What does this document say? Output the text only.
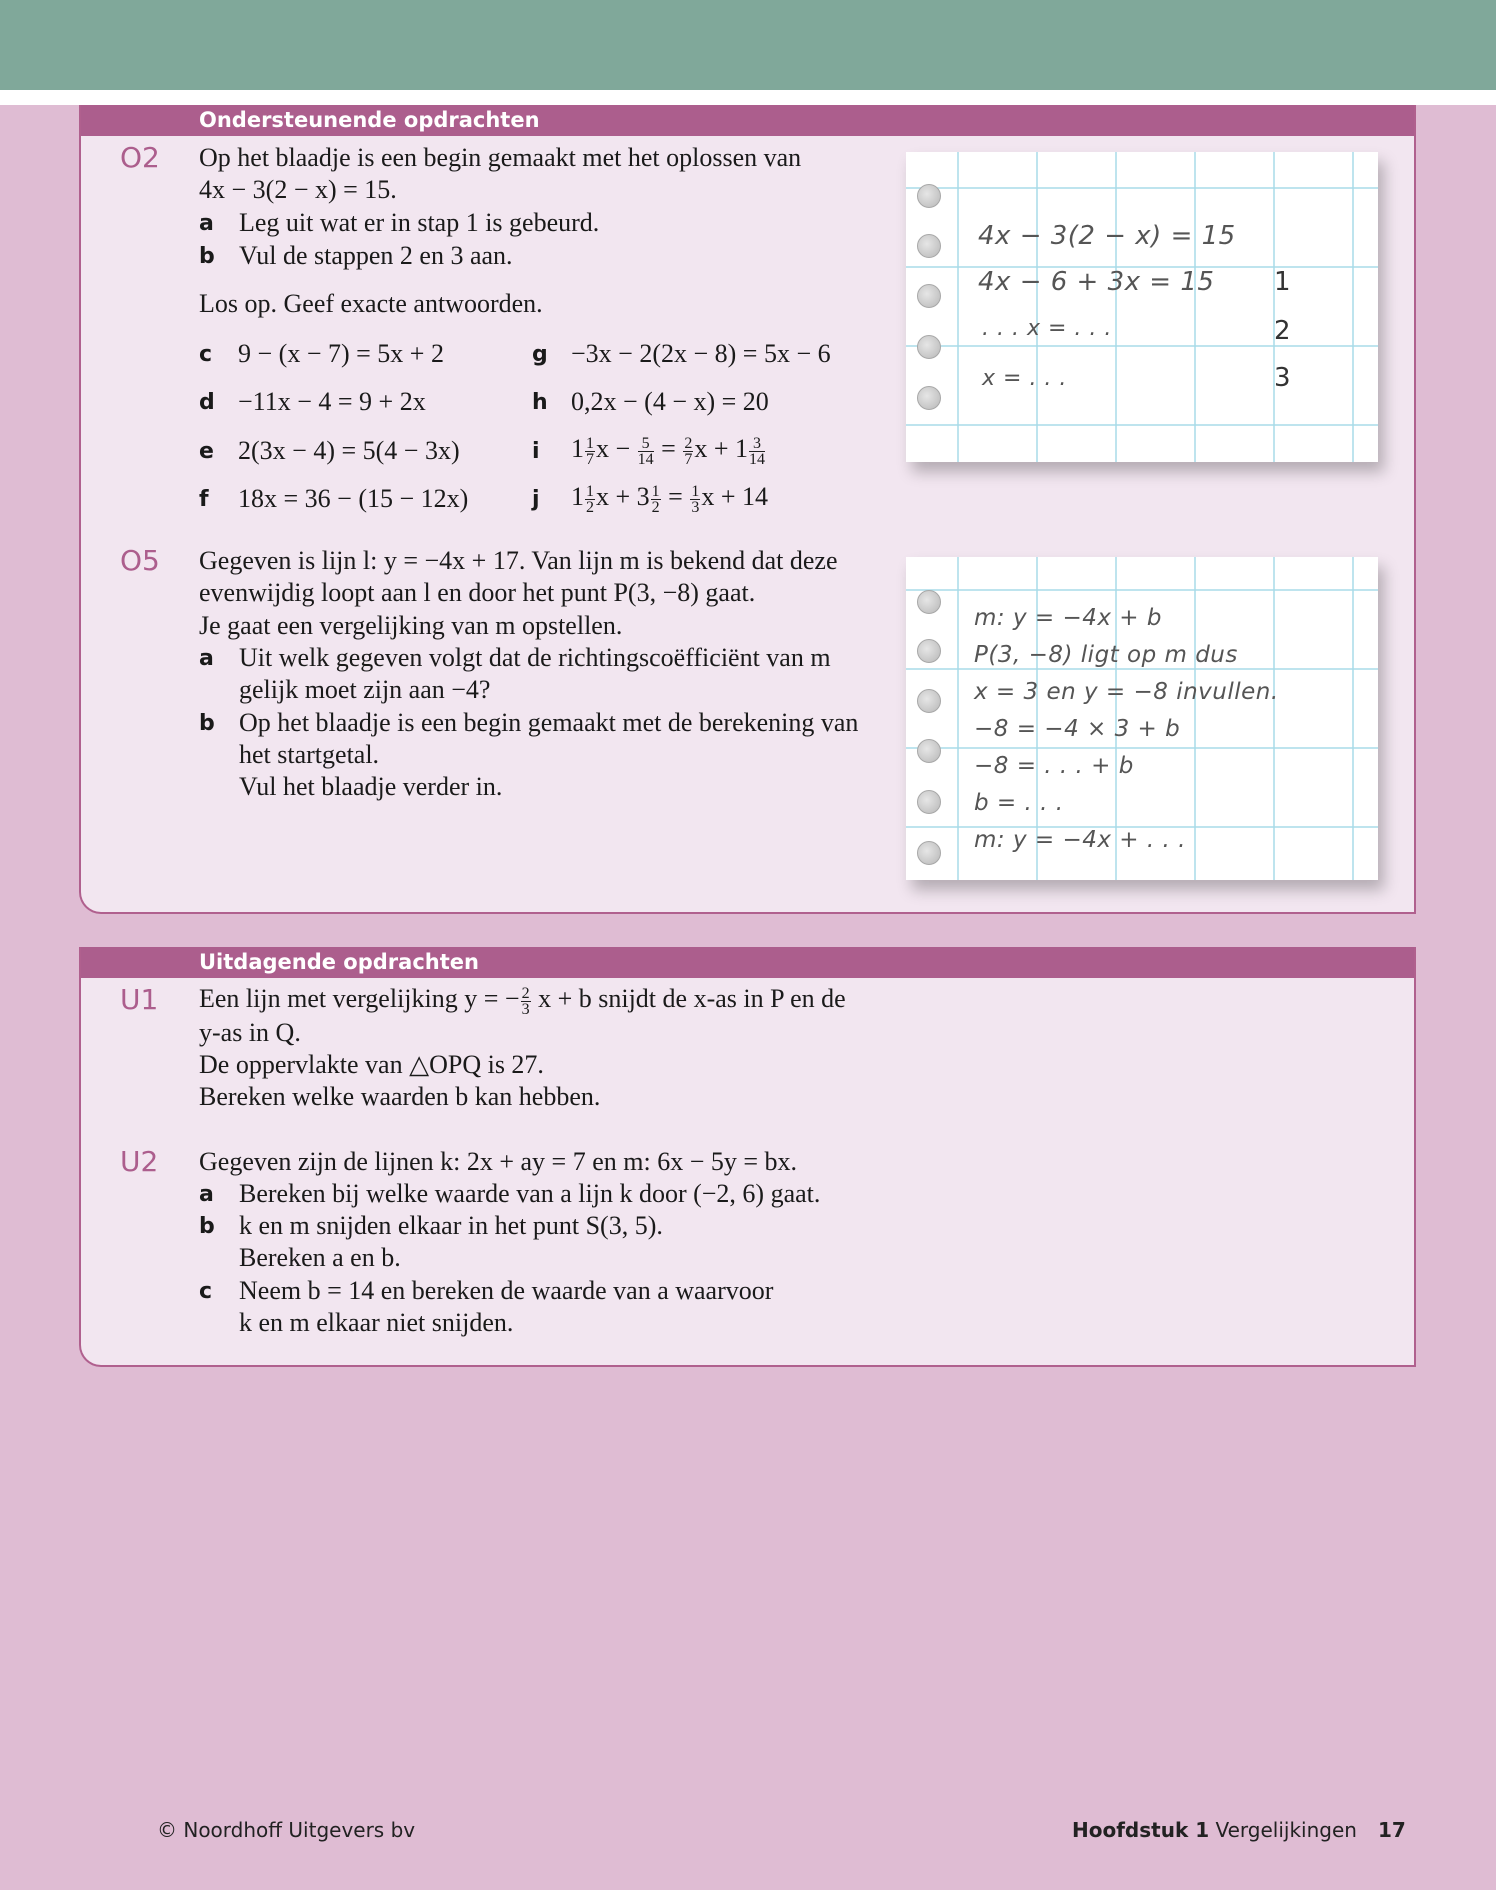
Ondersteunende opdrachten
O2 Op het blaadje is een begin gemaakt met het oplossen van
4x − 3(2 − x) = 15.
a Leg uit wat er in stap 1 is gebeurd.
b Vul de stappen 2 en 3 aan.
Los op. Geef exacte antwoorden.
c 9 − (x − 7) = 5x + 2
d −11x − 4 = 9 + 2x
e 2(3x − 4) = 5(4 − 3x)
f 18x = 36 − (15 − 12x)
g −3x − 2(2x − 8) = 5x − 6
h 0,2x − (4 − x) = 20
i $1 \frac{1}{7}$ $x - \frac{5}{14} = \frac{2}{7}$ $x + 1 \frac{3}{14}$
j $1 \frac{1}{2}$ $x + 3 \frac{1}{2} = \frac{1}{3}$ x + 14
O5 Gegeven is lijn l: y = −4x + 17. Van lijn m is bekend dat deze
evenwijdig loopt aan l en door het punt P(3, −8) gaat.
Je gaat een vergelijking van m opstellen.
a Uit welk gegeven volgt dat de richtingscoëfficiënt van m
gelijk moet zijn aan −4?
b Op het blaadje is een begin gemaakt met de berekening van
het startgetal.
Vul het blaadje verder in.
4x − 3(2 − x) = 15
4x − 6 + 3x = 15
. . . x = . . .
x = . . .
1
2
3
m: y = −4x + b
P(3, −8) ligt op m dus
x = 3 en y = −8 invullen.
−8 = −4 × 3 + b
−8 = . . . + b
b = . . .
m: y = −4x + . . .
Uitdagende opdrachten
U1 Een lijn met vergelijking y = − $\frac{2}{3}$ x + b snijdt de x-as in P en de
y-as in Q.
De oppervlakte van △OPQ is 27.
Bereken welke waarden b kan hebben.
U2 Gegeven zijn de lijnen k: 2x + ay = 7 en m: 6x − 5y = bx.
a Bereken bij welke waarde van a lijn k door (−2, 6) gaat.
b k en m snijden elkaar in het punt S(3, 5).
Bereken a en b.
c Neem b = 14 en bereken de waarde van a waarvoor
k en m elkaar niet snijden.
© Noordhoff Uitgevers bv	Hoofdstuk 1 Vergelijkingen 17
